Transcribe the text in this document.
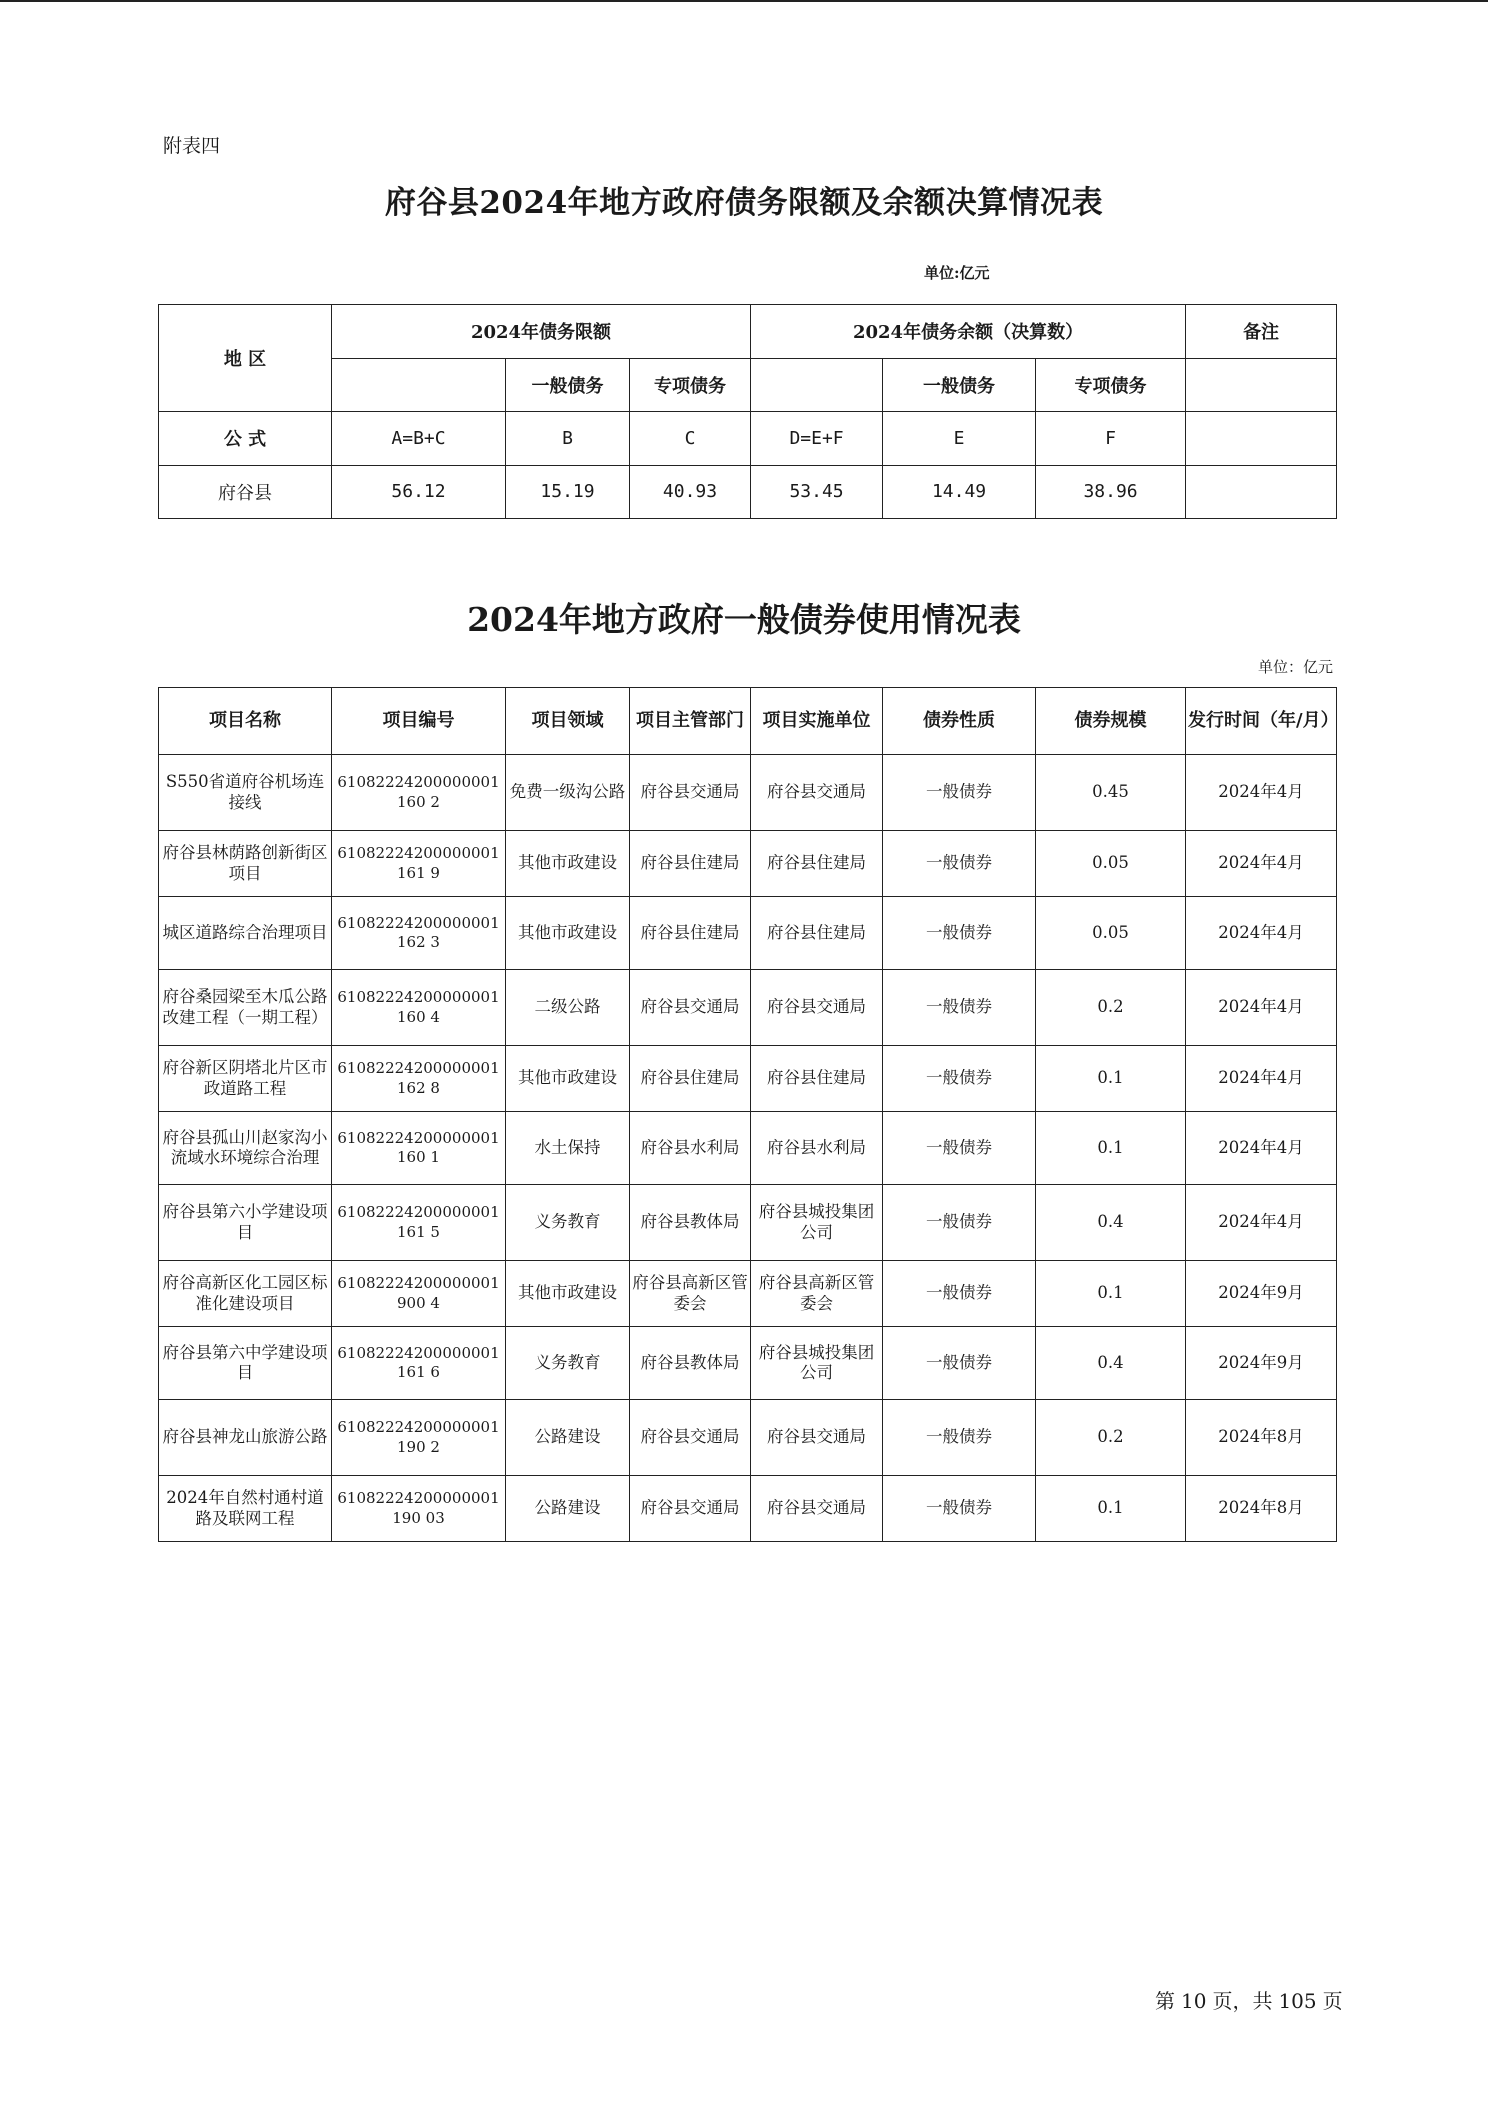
附表四
府谷县2024年地方政府债务限额及余额决算情况表
单位:亿元
地 区	2024年债务限额			2024年债务余额（决算数）			备注
		一般债务	专项债务		一般债务	专项债务	
公 式	A=B+C	B	C	D=E+F	E	F	
府谷县	56.12	15.19	40.93	53.45	14.49	38.96	
2024年地方政府一般债券使用情况表
单位：亿元
项目名称	项目编号	项目领域	项目主管部门	项目实施单位	债券性质	债券规模	发行时间（年/月）
S550省道府谷机场连接线	61082224200000001160 2	免费一级沟公路	府谷县交通局	府谷县交通局	一般债券	0.45	2024年4月
府谷县林荫路创新街区项目	61082224200000001161 9	其他市政建设	府谷县住建局	府谷县住建局	一般债券	0.05	2024年4月
城区道路综合治理项目	61082224200000001162 3	其他市政建设	府谷县住建局	府谷县住建局	一般债券	0.05	2024年4月
府谷桑园梁至木瓜公路改建工程（一期工程）	61082224200000001160 4	二级公路	府谷县交通局	府谷县交通局	一般债券	0.2	2024年4月
府谷新区阴塔北片区市政道路工程	61082224200000001162 8	其他市政建设	府谷县住建局	府谷县住建局	一般债券	0.1	2024年4月
府谷县孤山川赵家沟小流域水环境综合治理	61082224200000001160 1	水土保持	府谷县水利局	府谷县水利局	一般债券	0.1	2024年4月
府谷县第六小学建设项目	61082224200000001161 5	义务教育	府谷县教体局	府谷县城投集团公司	一般债券	0.4	2024年4月
府谷高新区化工园区标准化建设项目	61082224200000001900 4	其他市政建设	府谷县高新区管委会	府谷县高新区管委会	一般债券	0.1	2024年9月
府谷县第六中学建设项目	61082224200000001161 6	义务教育	府谷县教体局	府谷县城投集团公司	一般债券	0.4	2024年9月
府谷县神龙山旅游公路	61082224200000001190 2	公路建设	府谷县交通局	府谷县交通局	一般债券	0.2	2024年8月
2024年自然村通村道路及联网工程	61082224200000001190 03	公路建设	府谷县交通局	府谷县交通局	一般债券	0.1	2024年8月
第 10 页，共 105 页
